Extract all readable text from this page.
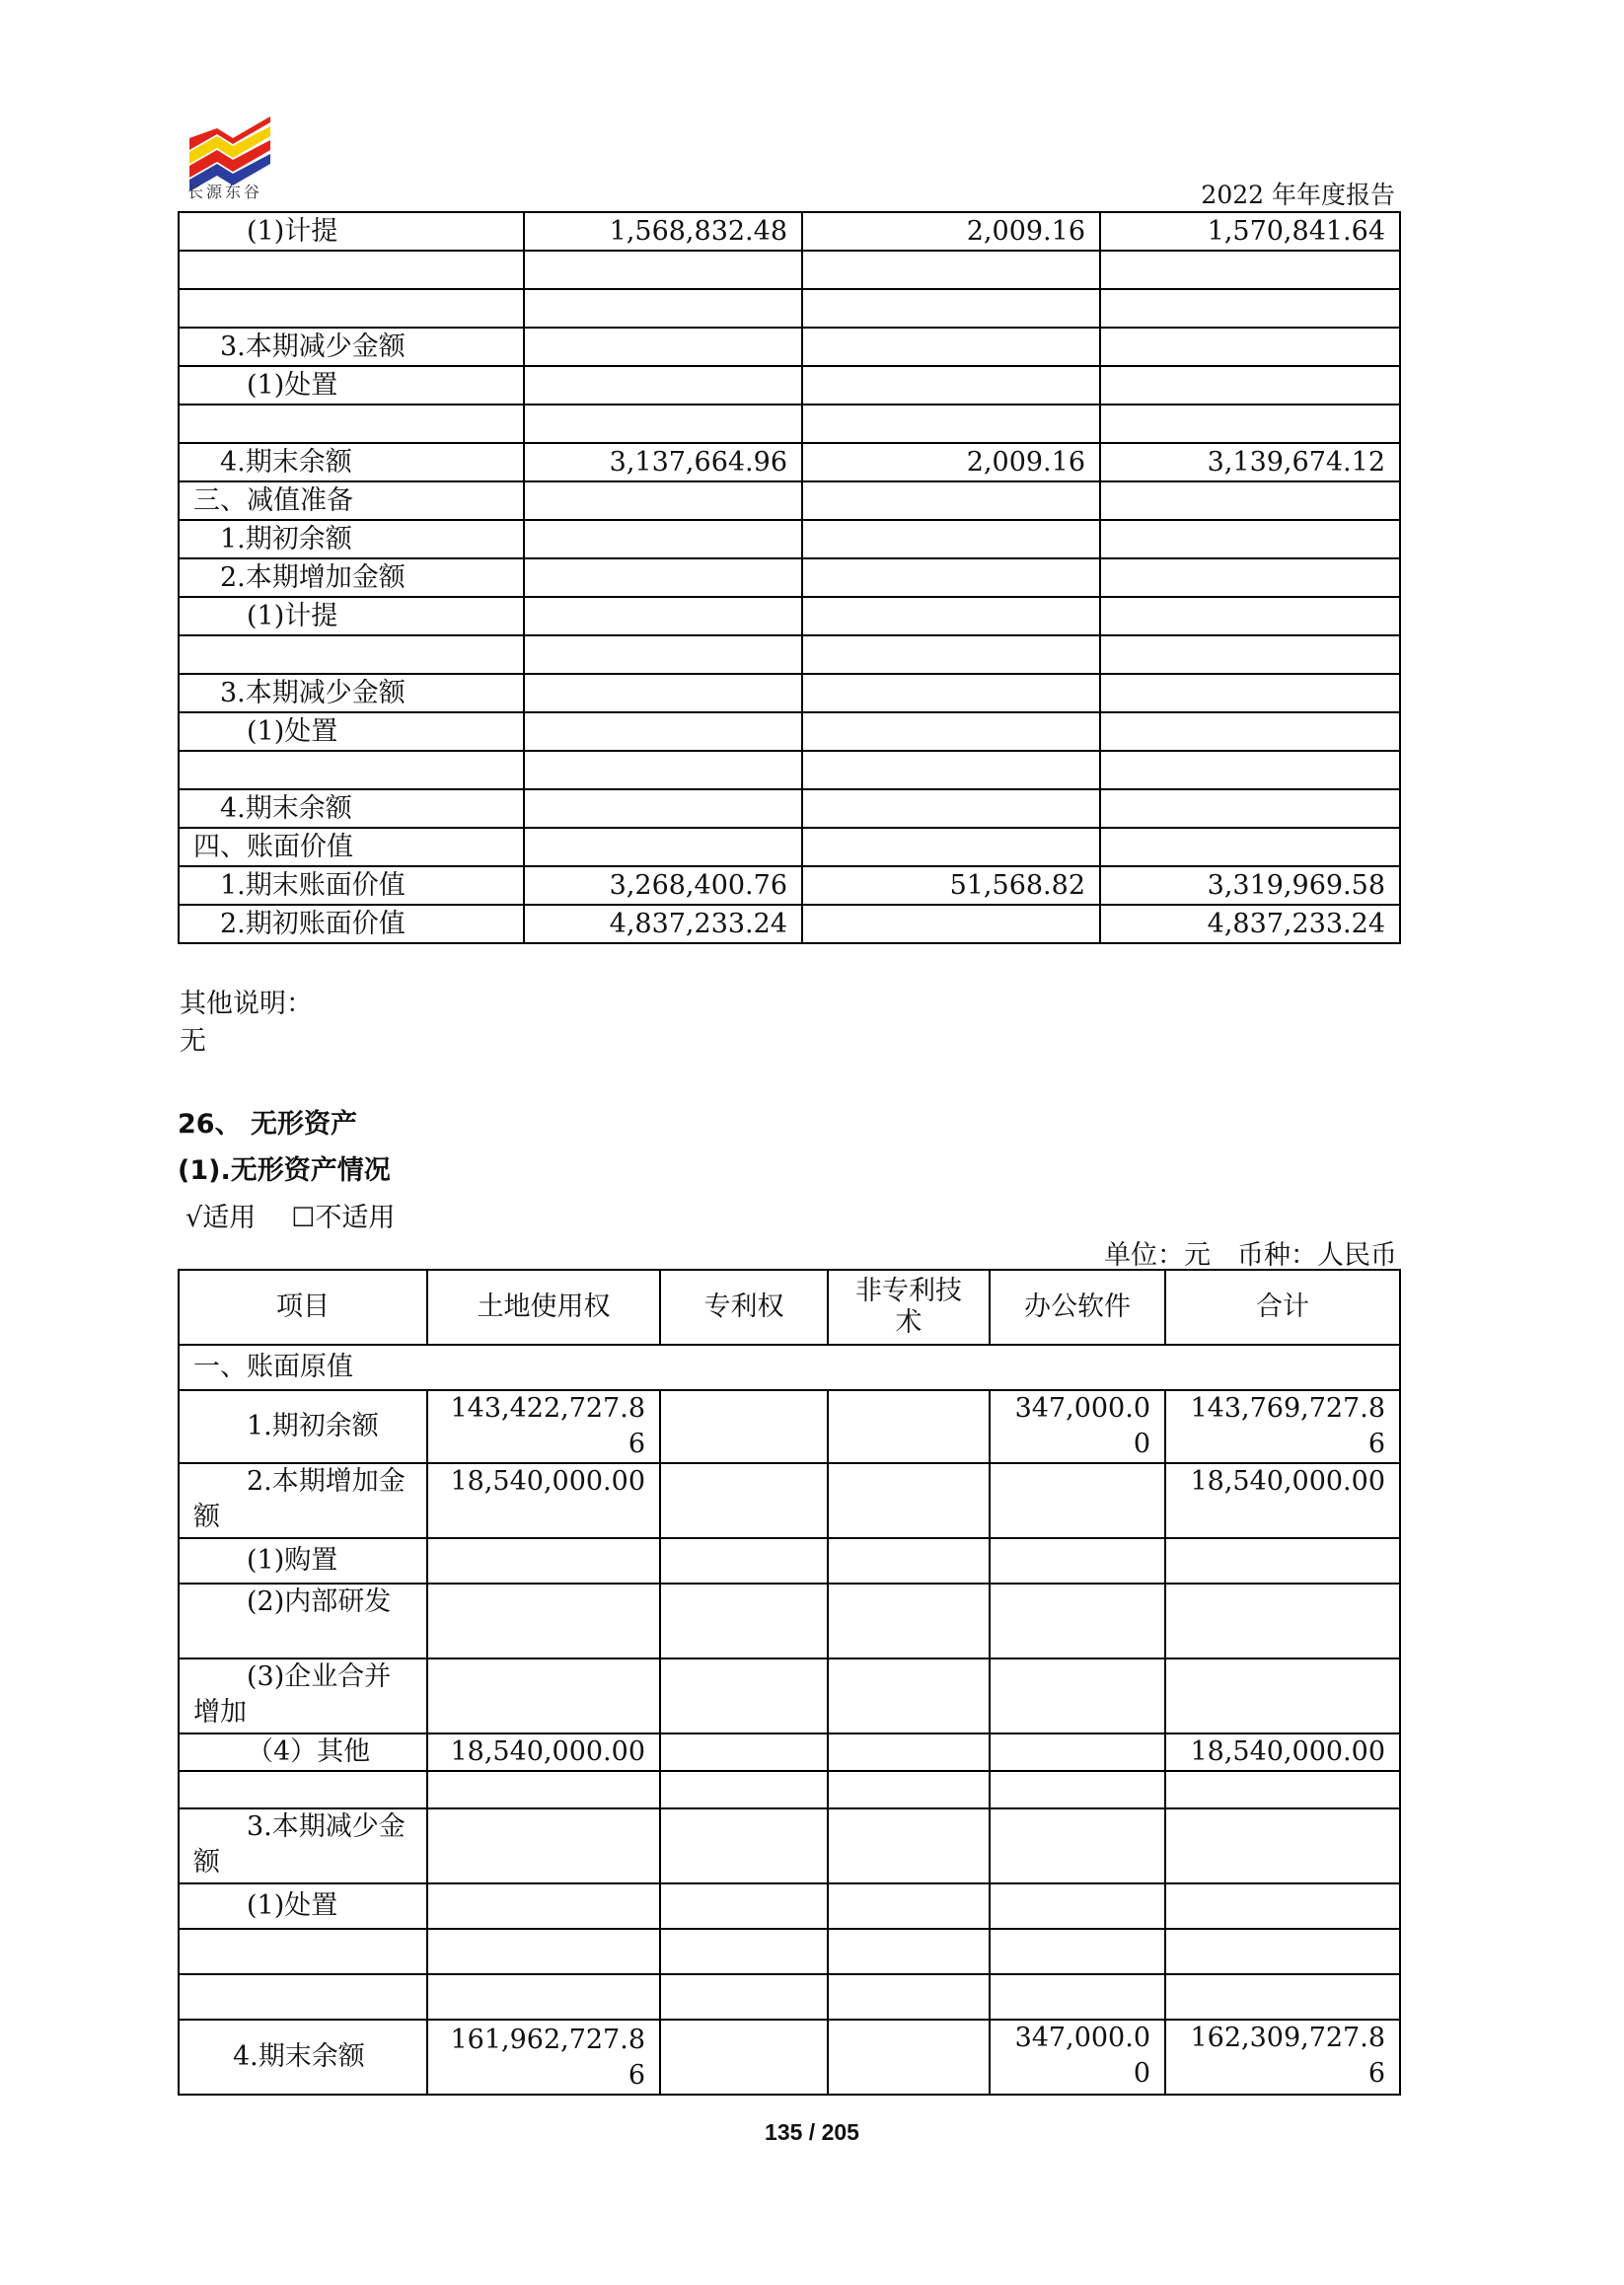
长源东谷	2022 年年度报告
(1)计提	1,568,832.48	2,009.16	1,570,841.64

3.本期减少金额			
(1)处置			

4.期末余额	3,137,664.96	2,009.16	3,139,674.12
三、减值准备			
1.期初余额			
2.本期增加金额			
(1)计提			

3.本期减少金额			
(1)处置			

4.期末余额			
四、账面价值			
1.期末账面价值	3,268,400.76	51,568.82	3,319,969.58
2.期初账面价值	4,837,233.24		4,837,233.24
其他说明：
无
26、 无形资产
(1).无形资产情况
√适用 ☐不适用
单位：元　币种：人民币
项目	土地使用权	专利权	非专利技术	办公软件	合计
一、账面原值					
1.期初余额	143,422,727.86			347,000.00	143,769,727.86
2.本期增加金额	18,540,000.00				18,540,000.00
(1)购置					
(2)内部研发					
(3)企业合并增加					
（4）其他	18,540,000.00				18,540,000.00

3.本期减少金额					
(1)处置					

4.期末余额	161,962,727.86			347,000.00	162,309,727.86
135 / 205
